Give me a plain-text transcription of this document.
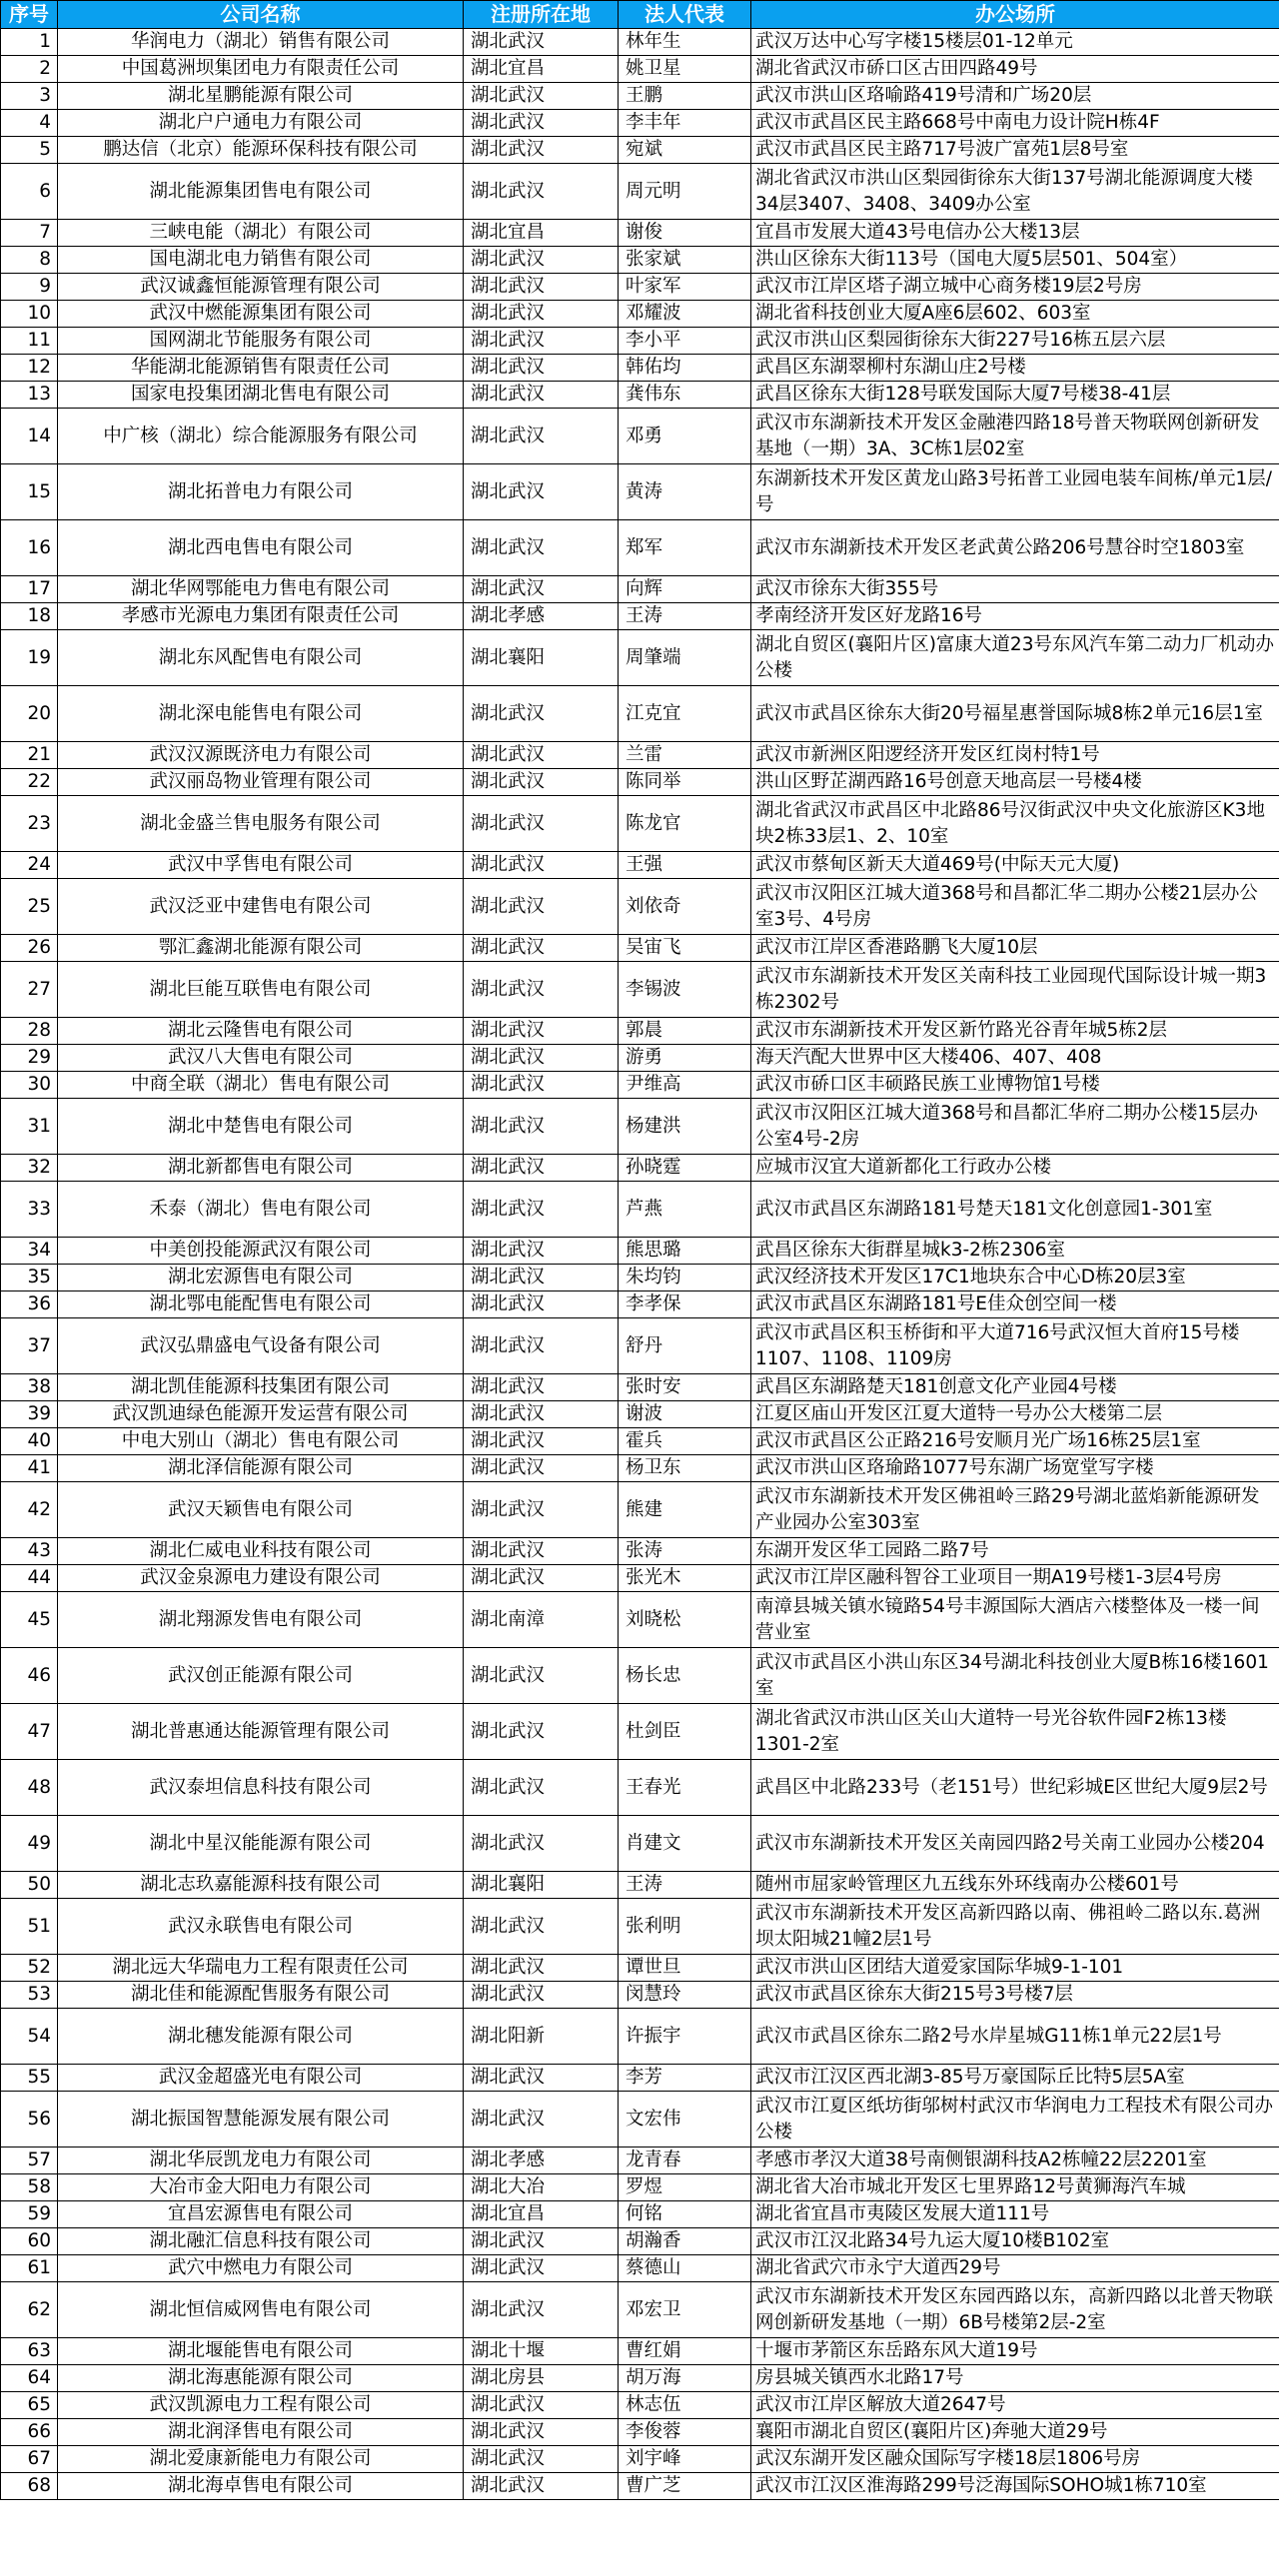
序号	公司名称	注册所在地	法人代表	办公场所
1	华润电力（湖北）销售有限公司	湖北武汉	林年生	武汉万达中心写字楼15楼层01-12单元
2	中国葛洲坝集团电力有限责任公司	湖北宜昌	姚卫星	湖北省武汉市硚口区古田四路49号
3	湖北星鹏能源有限公司	湖北武汉	王鹏	武汉市洪山区珞喻路419号清和广场20层
4	湖北户户通电力有限公司	湖北武汉	李丰年	武汉市武昌区民主路668号中南电力设计院H栋4F
5	鹏达信（北京）能源环保科技有限公司	湖北武汉	宛斌	武汉市武昌区民主路717号波广富苑1层8号室
6	湖北能源集团售电有限公司	湖北武汉	周元明	湖北省武汉市洪山区梨园街徐东大街137号湖北能源调度大楼34层3407、3408、3409办公室
7	三峡电能（湖北）有限公司	湖北宜昌	谢俊	宜昌市发展大道43号电信办公大楼13层
8	国电湖北电力销售有限公司	湖北武汉	张家斌	洪山区徐东大街113号（国电大厦5层501、504室）
9	武汉诚鑫恒能源管理有限公司	湖北武汉	叶家军	武汉市江岸区塔子湖立城中心商务楼19层2号房
10	武汉中燃能源集团有限公司	湖北武汉	邓耀波	湖北省科技创业大厦A座6层602、603室
11	国网湖北节能服务有限公司	湖北武汉	李小平	武汉市洪山区梨园街徐东大街227号16栋五层六层
12	华能湖北能源销售有限责任公司	湖北武汉	韩佑均	武昌区东湖翠柳村东湖山庄2号楼
13	国家电投集团湖北售电有限公司	湖北武汉	龚伟东	武昌区徐东大街128号联发国际大厦7号楼38-41层
14	中广核（湖北）综合能源服务有限公司	湖北武汉	邓勇	武汉市东湖新技术开发区金融港四路18号普天物联网创新研发基地（一期）3A、3C栋1层02室
15	湖北拓普电力有限公司	湖北武汉	黄涛	东湖新技术开发区黄龙山路3号拓普工业园电装车间栋/单元1层/号
16	湖北西电售电有限公司	湖北武汉	郑军	武汉市东湖新技术开发区老武黄公路206号慧谷时空1803室
17	湖北华网鄂能电力售电有限公司	湖北武汉	向辉	武汉市徐东大街355号
18	孝感市光源电力集团有限责任公司	湖北孝感	王涛	孝南经济开发区好龙路16号
19	湖北东风配售电有限公司	湖北襄阳	周肇端	湖北自贸区(襄阳片区)富康大道23号东风汽车第二动力厂机动办公楼
20	湖北深电能售电有限公司	湖北武汉	江克宜	武汉市武昌区徐东大街20号福星惠誉国际城8栋2单元16层1室
21	武汉汉源既济电力有限公司	湖北武汉	兰雷	武汉市新洲区阳逻经济开发区红岗村特1号
22	武汉丽岛物业管理有限公司	湖北武汉	陈同举	洪山区野芷湖西路16号创意天地高层一号楼4楼
23	湖北金盛兰售电服务有限公司	湖北武汉	陈龙官	湖北省武汉市武昌区中北路86号汉街武汉中央文化旅游区K3地块2栋33层1、2、10室
24	武汉中孚售电有限公司	湖北武汉	王强	武汉市蔡甸区新天大道469号(中际天元大厦)
25	武汉泛亚中建售电有限公司	湖北武汉	刘依奇	武汉市汉阳区江城大道368号和昌都汇华二期办公楼21层办公室3号、4号房
26	鄂汇鑫湖北能源有限公司	湖北武汉	吴宙飞	武汉市江岸区香港路鹏飞大厦10层
27	湖北巨能互联售电有限公司	湖北武汉	李锡波	武汉市东湖新技术开发区关南科技工业园现代国际设计城一期3栋2302号
28	湖北云隆售电有限公司	湖北武汉	郭晨	武汉市东湖新技术开发区新竹路光谷青年城5栋2层
29	武汉八大售电有限公司	湖北武汉	游勇	海天汽配大世界中区大楼406、407、408
30	中商全联（湖北）售电有限公司	湖北武汉	尹维高	武汉市硚口区丰硕路民族工业博物馆1号楼
31	湖北中楚售电有限公司	湖北武汉	杨建洪	武汉市汉阳区江城大道368号和昌都汇华府二期办公楼15层办公室4号-2房
32	湖北新都售电有限公司	湖北武汉	孙晓霆	应城市汉宜大道新都化工行政办公楼
33	禾泰（湖北）售电有限公司	湖北武汉	芦燕	武汉市武昌区东湖路181号楚天181文化创意园1-301室
34	中美创投能源武汉有限公司	湖北武汉	熊思璐	武昌区徐东大街群星城k3-2栋2306室
35	湖北宏源售电有限公司	湖北武汉	朱均钧	武汉经济技术开发区17C1地块东合中心D栋20层3室
36	湖北鄂电能配售电有限公司	湖北武汉	李孝保	武汉市武昌区东湖路181号E佳众创空间一楼
37	武汉弘鼎盛电气设备有限公司	湖北武汉	舒丹	武汉市武昌区积玉桥街和平大道716号武汉恒大首府15号楼1107、1108、1109房
38	湖北凯佳能源科技集团有限公司	湖北武汉	张时安	武昌区东湖路楚天181创意文化产业园4号楼
39	武汉凯迪绿色能源开发运营有限公司	湖北武汉	谢波	江夏区庙山开发区江夏大道特一号办公大楼第二层
40	中电大别山（湖北）售电有限公司	湖北武汉	霍兵	武汉市武昌区公正路216号安顺月光广场16栋25层1室
41	湖北泽信能源有限公司	湖北武汉	杨卫东	武汉市洪山区珞瑜路1077号东湖广场宽堂写字楼
42	武汉天颖售电有限公司	湖北武汉	熊建	武汉市东湖新技术开发区佛祖岭三路29号湖北蓝焰新能源研发产业园办公室303室
43	湖北仁威电业科技有限公司	湖北武汉	张涛	东湖开发区华工园路二路7号
44	武汉金泉源电力建设有限公司	湖北武汉	张光木	武汉市江岸区融科智谷工业项目一期A19号楼1-3层4号房
45	湖北翔源发售电有限公司	湖北南漳	刘晓松	南漳县城关镇水镜路54号丰源国际大酒店六楼整体及一楼一间营业室
46	武汉创正能源有限公司	湖北武汉	杨长忠	武汉市武昌区小洪山东区34号湖北科技创业大厦B栋16楼1601室
47	湖北普惠通达能源管理有限公司	湖北武汉	杜剑臣	湖北省武汉市洪山区关山大道特一号光谷软件园F2栋13楼1301-2室
48	武汉泰坦信息科技有限公司	湖北武汉	王春光	武昌区中北路233号（老151号）世纪彩城E区世纪大厦9层2号
49	湖北中星汉能能源有限公司	湖北武汉	肖建文	武汉市东湖新技术开发区关南园四路2号关南工业园办公楼204
50	湖北志玖嘉能源科技有限公司	湖北襄阳	王涛	随州市屈家岭管理区九五线东外环线南办公楼601号
51	武汉永联售电有限公司	湖北武汉	张利明	武汉市东湖新技术开发区高新四路以南、佛祖岭二路以东.葛洲坝太阳城21幢2层1号
52	湖北远大华瑞电力工程有限责任公司	湖北武汉	谭世旦	武汉市洪山区团结大道爱家国际华城9-1-101
53	湖北佳和能源配售服务有限公司	湖北武汉	闵慧玲	武汉市武昌区徐东大街215号3号楼7层
54	湖北穗发能源有限公司	湖北阳新	许振宇	武汉市武昌区徐东二路2号水岸星城G11栋1单元22层1号
55	武汉金超盛光电有限公司	湖北武汉	李芳	武汉市江汉区西北湖3-85号万豪国际丘比特5层5A室
56	湖北振国智慧能源发展有限公司	湖北武汉	文宏伟	武汉市江夏区纸坊街邬树村武汉市华润电力工程技术有限公司办公楼
57	湖北华辰凯龙电力有限公司	湖北孝感	龙青春	孝感市孝汉大道38号南侧银湖科技A2栋幢22层2201室
58	大冶市金大阳电力有限公司	湖北大冶	罗煜	湖北省大冶市城北开发区七里界路12号黄狮海汽车城
59	宜昌宏源售电有限公司	湖北宜昌	何铭	湖北省宜昌市夷陵区发展大道111号
60	湖北融汇信息科技有限公司	湖北武汉	胡瀚香	武汉市江汉北路34号九运大厦10楼B102室
61	武穴中燃电力有限公司	湖北武汉	蔡德山	湖北省武穴市永宁大道西29号
62	湖北恒信威网售电有限公司	湖北武汉	邓宏卫	武汉市东湖新技术开发区东园西路以东，高新四路以北普天物联网创新研发基地（一期）6B号楼第2层-2室
63	湖北堰能售电有限公司	湖北十堰	曹红娟	十堰市茅箭区东岳路东风大道19号
64	湖北海惠能源有限公司	湖北房县	胡万海	房县城关镇西水北路17号
65	武汉凯源电力工程有限公司	湖北武汉	林志伍	武汉市江岸区解放大道2647号
66	湖北润泽售电有限公司	湖北武汉	李俊蓉	襄阳市湖北自贸区(襄阳片区)奔驰大道29号
67	湖北爱康新能电力有限公司	湖北武汉	刘宇峰	武汉东湖开发区融众国际写字楼18层1806号房
68	湖北海卓售电有限公司	湖北武汉	曹广芝	武汉市江汉区淮海路299号泛海国际SOHO城1栋710室
